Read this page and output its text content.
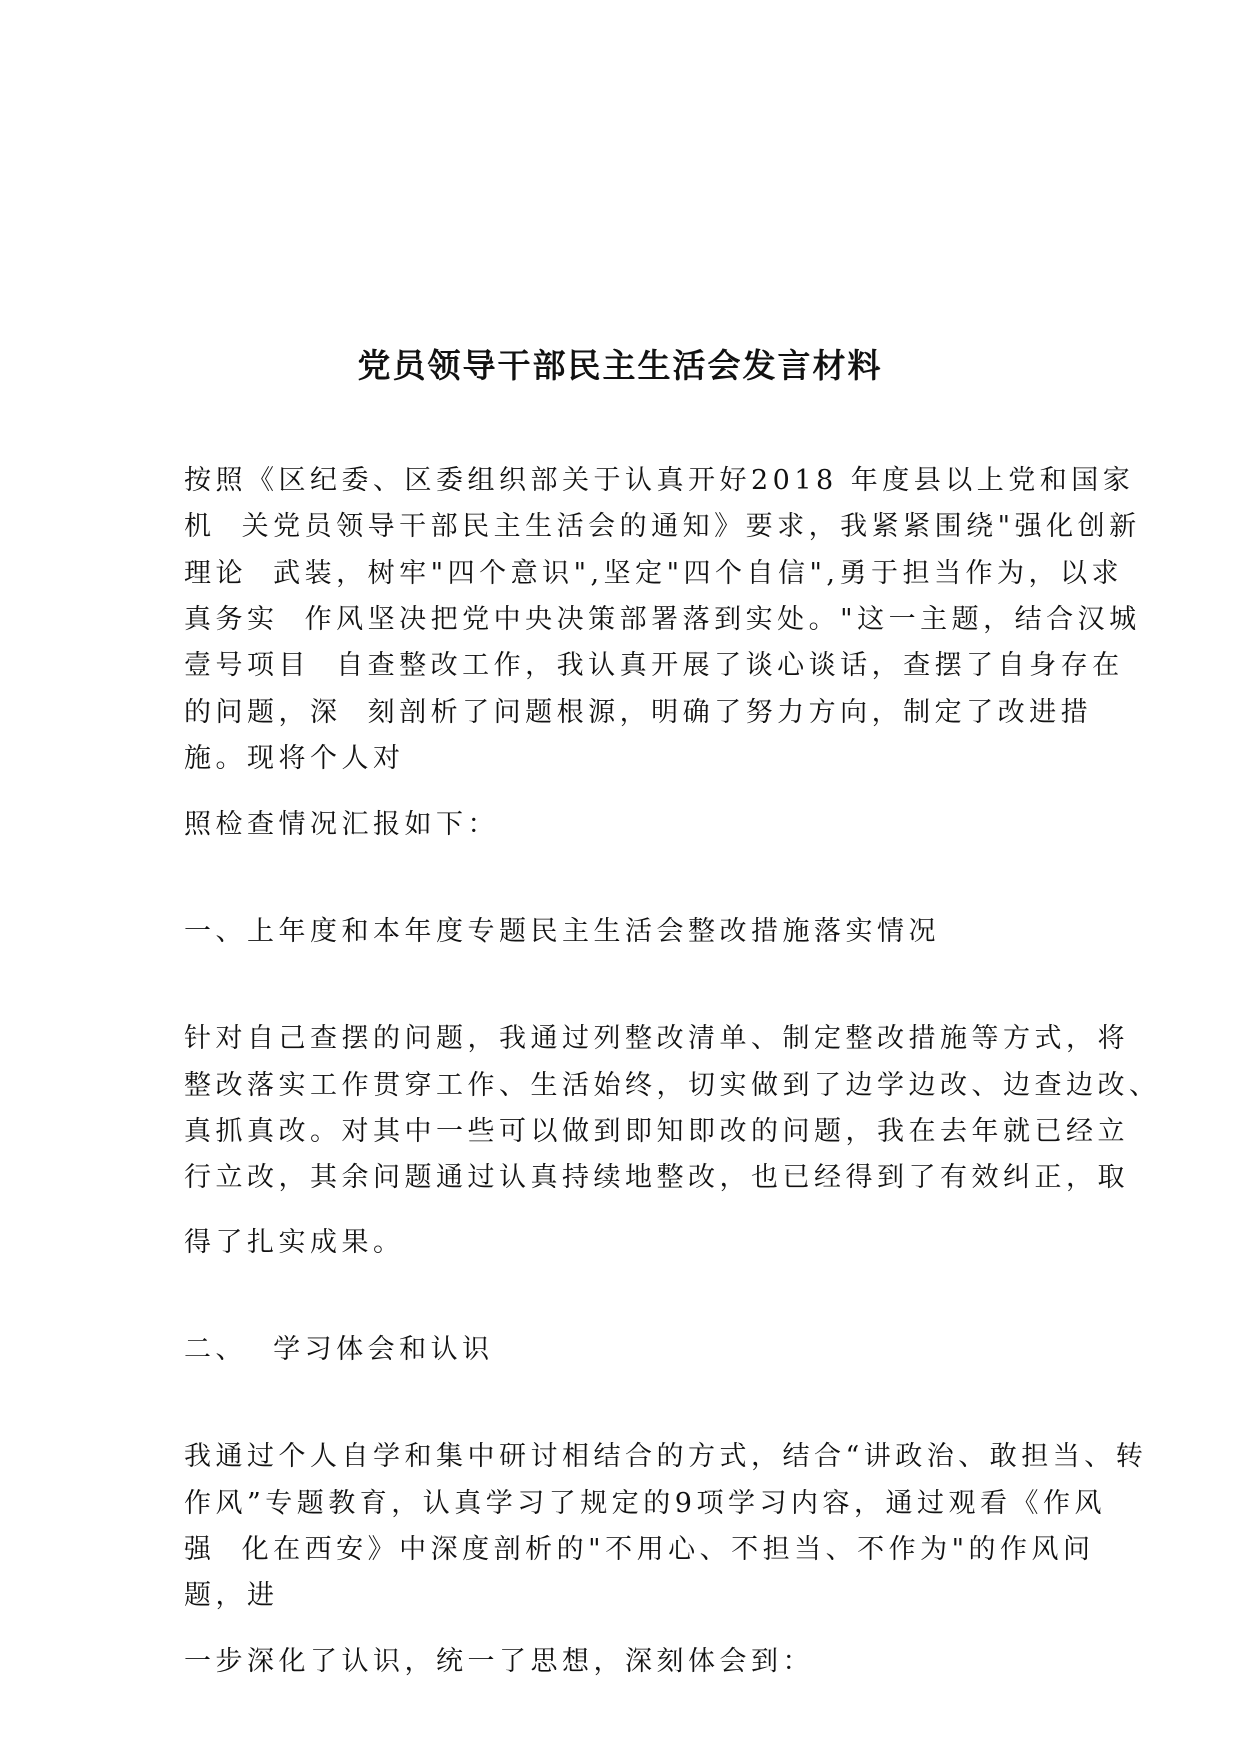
党员领导干部民主生活会发言材料
按照《区纪委、区委组织部关于认真开好2018 年度县以上党和国家
机  关党员领导干部民主生活会的通知》要求，我紧紧围绕"强化创新
理论  武装，树牢"四个意识",坚定"四个自信",勇于担当作为，以求
真务实  作风坚决把党中央决策部署落到实处。"这一主题，结合汉城
壹号项目  自查整改工作，我认真开展了谈心谈话，查摆了自身存在
的问题，深  刻剖析了问题根源，明确了努力方向，制定了改进措
施。现将个人对
照检查情况汇报如下：
一、上年度和本年度专题民主生活会整改措施落实情况
针对自己查摆的问题，我通过列整改清单、制定整改措施等方式，将
整改落实工作贯穿工作、生活始终，切实做到了边学边改、边查边改、
真抓真改。对其中一些可以做到即知即改的问题，我在去年就已经立
行立改，其余问题通过认真持续地整改，也已经得到了有效纠正，取
得了扎实成果。
二、  学习体会和认识
我通过个人自学和集中研讨相结合的方式，结合“讲政治、敢担当、转
作风”专题教育，认真学习了规定的9项学习内容，通过观看《作风
强  化在西安》中深度剖析的"不用心、不担当、不作为"的作风问
题，进
一步深化了认识，统一了思想，深刻体会到：
